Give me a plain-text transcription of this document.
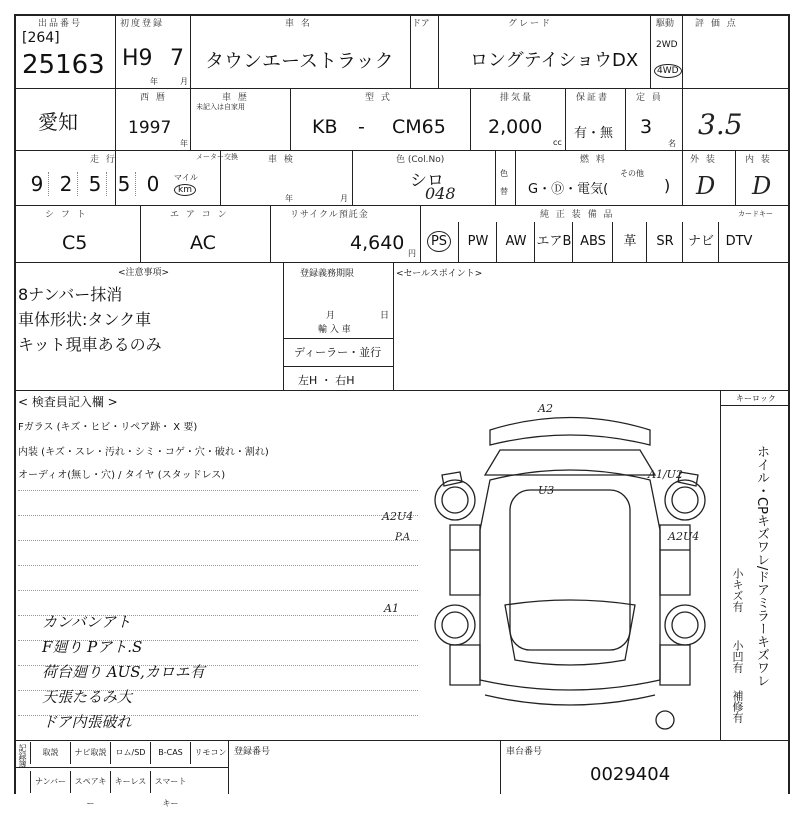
出品番号
[264]
25163
初度登録
H9 7
年	月
車 名
タウンエーストラック
ドア	グレード
ロングテイショウDX
駆動
2WD
4WD
評 価 点
3.5
愛知
西 暦
1997
年
車 歴
未記入は自家用
型 式
KB - CM65
排気量
2,000
cc
保証書
有・無
定 員
3
名
走 行
9 2 5 5 0	マイル
km
メーター交換	車 検
年	月
色 (Col.No)
シロ
048
色
替
燃 料
G・Ⓓ・電気(
その他
)
外 装	内 装
D D
シ フ ト
C5
エ ア コ ン
AC
リサイクル預託金
4,640 円
純 正 装 備 品	カードキー
PS	PW	AW エアB ABS	革	SR	ナビ DTV
<注意事項>
8ナンバー抹消
車体形状:タンク車
キット現車あるのみ
登録義務期限
月	日
輸 入 車
ディーラー・並行
左H ・ 右H
<セールスポイント>
< 検査員記入欄 >
Fガラス (キズ・ヒビ・リペア跡・ X 要)
内装 (キズ・スレ・汚れ・シミ・コゲ・穴・破れ・割れ)
オーディオ(無し・穴) / タイヤ (スタッドレス)
カンバンアト
F廻り Pアト.S
荷台廻り AUS,カロエ有
天張たるみ大
ドア内張破れ
A2
U3
A1/U2
A2U4
A2U4
P.A
A1
キーロック
ホイル・CPキズワレ/ドアミラーキズワレ
小キズ有
小凹有
補修有
記録簿	取説	ナビ取説	ロム/SD	B-CAS	リモコン
ナンバー	スペアキー
キーレス	スマートキー
登録番号	車台番号
0029404
